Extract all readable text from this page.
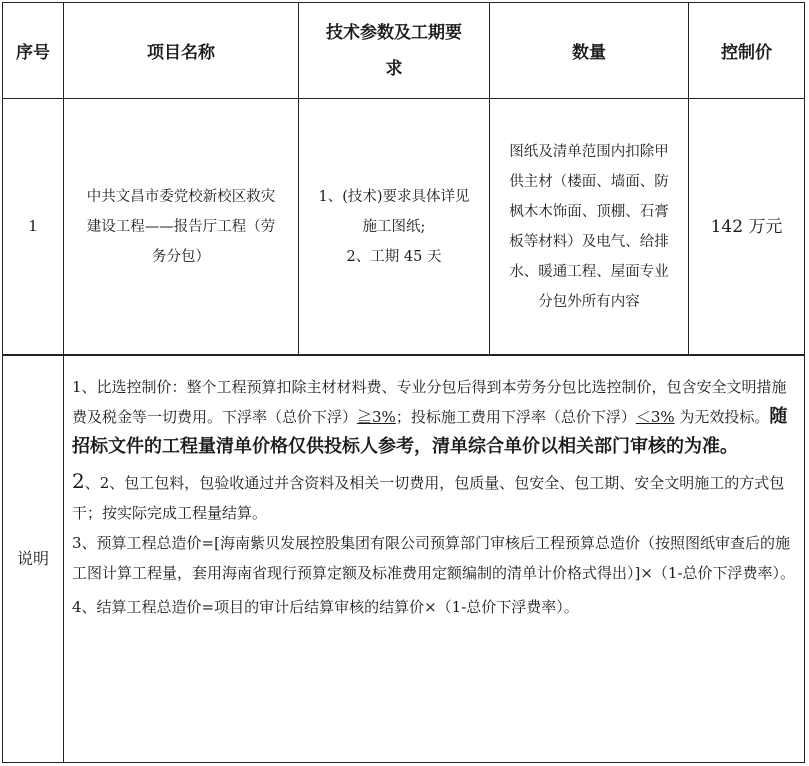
序号	项目名称
技术参数及工期要
求
数量	控制价
1
中共文昌市委党校新校区救灾
建设工程——报告厅工程（劳
务分包）
1、(技术)要求具体详见
施工图纸;
2、工期 45 天
图纸及清单范围内扣除甲
供主材（楼面、墙面、防
枫木木饰面、顶棚、石膏
板等材料）及电气、给排
水、暖通工程、屋面专业
分包外所有内容
142 万元
说明

1、比选控制价：整个工程预算扣除主材材料费、专业分包后得到本劳务分包比选控制价，包含安全文明措施费及税金等一切费用。下浮率（总价下浮）≧3%；投标施工费用下浮率（总价下浮）＜3% 为无效投标。随招标文件的工程量清单价格仅供投标人参考，清单综合单价以相关部门审核的为准。

2、2、包工包料，包验收通过并含资料及相关一切费用，包质量、包安全、包工期、安全文明施工的方式包干；按实际完成工程量结算。

3、预算工程总造价=[海南紫贝发展控股集团有限公司预算部门审核后工程预算总造价（按照图纸审查后的施工图计算工程量，套用海南省现行预算定额及标准费用定额编制的清单计价格式得出）]×（1-总价下浮费率）。

4、结算工程总造价=项目的审计后结算审核的结算价×（1-总价下浮费率）。
